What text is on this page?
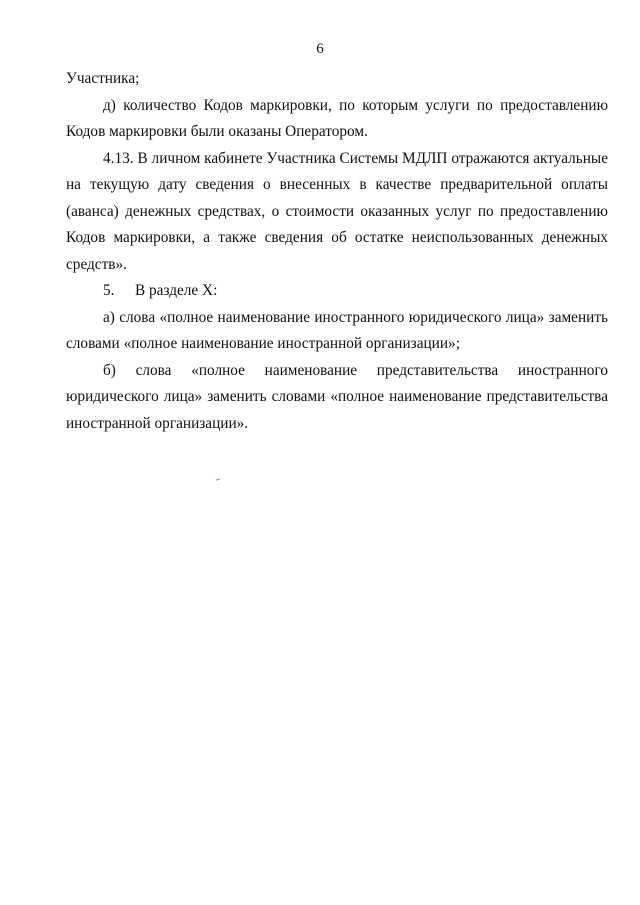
6

Участника;

д) количество Кодов маркировки, по которым услуги по предоставлению Кодов маркировки были оказаны Оператором.

4.13. В личном кабинете Участника Системы МДЛП отражаются актуальные на текущую дату сведения о внесенных в качестве предварительной оплаты (аванса) денежных средствах, о стоимости оказанных услуг по предоставлению Кодов маркировки, а также сведения об остатке неиспользованных денежных средств».

5. В разделе X:

а) слова «полное наименование иностранного юридического лица» заменить словами «полное наименование иностранной организации»;

б) слова «полное наименование представительства иностранного юридического лица» заменить словами «полное наименование представительства иностранной организации».
